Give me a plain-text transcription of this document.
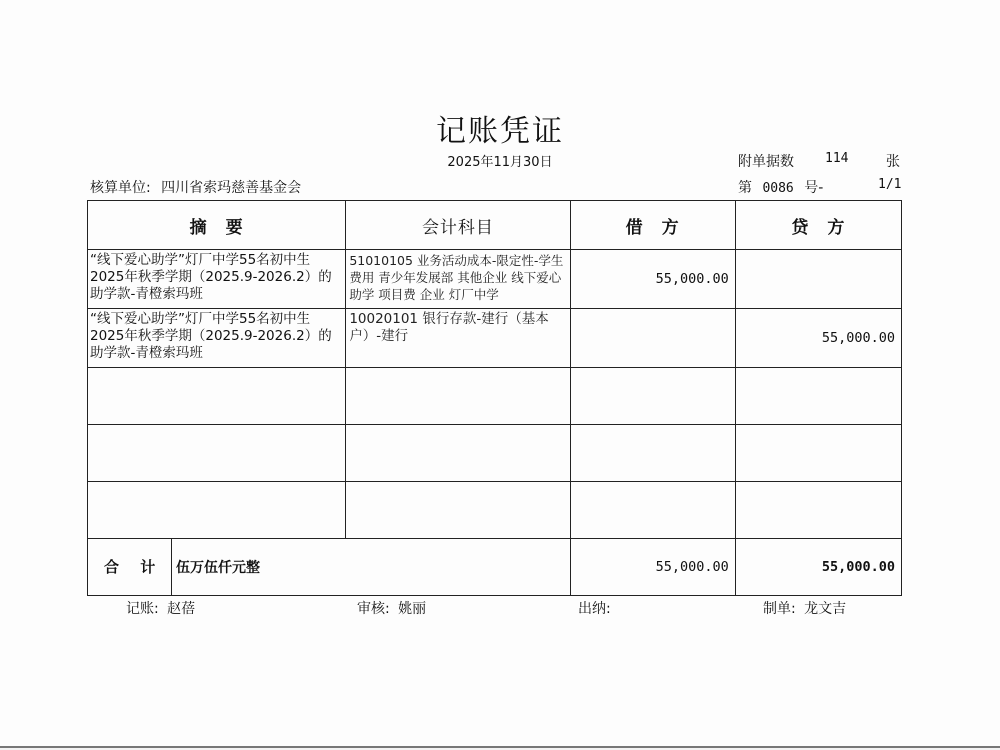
记账凭证
2025年11月30日	附单据数 114	张
核算单位: 四川省索玛慈善基金会	第 0086 号-	1/1
摘　要	会计科目	借　方	贷　方
“线下爱心助学”灯厂中学55名初中生2025年秋季学期（2025.9-2026.2）的助学款-青橙索玛班	51010105 业务活动成本-限定性-学生费用 青少年发展部 其他企业 线下爱心助学 项目费 企业 灯厂中学	55,000.00	
“线下爱心助学”灯厂中学55名初中生2025年秋季学期（2025.9-2026.2）的助学款-青橙索玛班	10020101 银行存款-建行（基本户）-建行		55,000.00

合 计 伍万伍仟元整		55,000.00	55,000.00
记账: 赵蓓	审核: 姚丽	出纳:	制单: 龙文吉
